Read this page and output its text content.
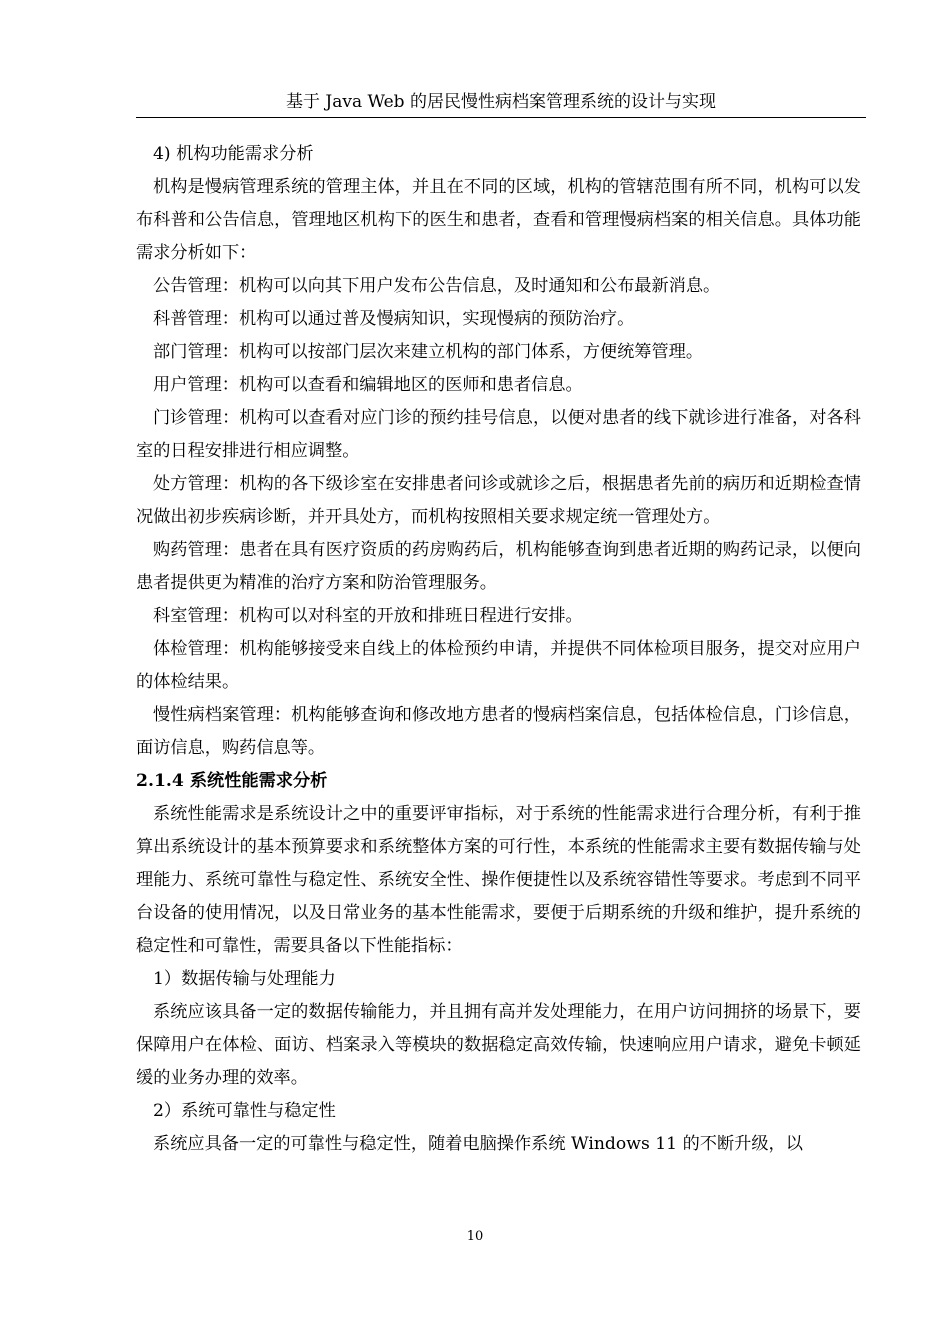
基于 Java Web 的居民慢性病档案管理系统的设计与实现

4) 机构功能需求分析

机构是慢病管理系统的管理主体，并且在不同的区域，机构的管辖范围有所不同，机构可以发布科普和公告信息，管理地区机构下的医生和患者，查看和管理慢病档案的相关信息。具体功能需求分析如下：

公告管理：机构可以向其下用户发布公告信息，及时通知和公布最新消息。

科普管理：机构可以通过普及慢病知识，实现慢病的预防治疗。

部门管理：机构可以按部门层次来建立机构的部门体系，方便统筹管理。

用户管理：机构可以查看和编辑地区的医师和患者信息。

门诊管理：机构可以查看对应门诊的预约挂号信息，以便对患者的线下就诊进行准备，对各科室的日程安排进行相应调整。

处方管理：机构的各下级诊室在安排患者问诊或就诊之后，根据患者先前的病历和近期检查情况做出初步疾病诊断，并开具处方，而机构按照相关要求规定统一管理处方。

购药管理：患者在具有医疗资质的药房购药后，机构能够查询到患者近期的购药记录，以便向患者提供更为精准的治疗方案和防治管理服务。

科室管理：机构可以对科室的开放和排班日程进行安排。

体检管理：机构能够接受来自线上的体检预约申请，并提供不同体检项目服务，提交对应用户的体检结果。

慢性病档案管理：机构能够查询和修改地方患者的慢病档案信息，包括体检信息，门诊信息，面访信息，购药信息等。

2.1.4 系统性能需求分析

系统性能需求是系统设计之中的重要评审指标，对于系统的性能需求进行合理分析，有利于推算出系统设计的基本预算要求和系统整体方案的可行性，本系统的性能需求主要有数据传输与处理能力、系统可靠性与稳定性、系统安全性、操作便捷性以及系统容错性等要求。考虑到不同平台设备的使用情况，以及日常业务的基本性能需求，要便于后期系统的升级和维护，提升系统的稳定性和可靠性，需要具备以下性能指标：

1）数据传输与处理能力

系统应该具备一定的数据传输能力，并且拥有高并发处理能力，在用户访问拥挤的场景下，要保障用户在体检、面访、档案录入等模块的数据稳定高效传输，快速响应用户请求，避免卡顿延缓的业务办理的效率。

2）系统可靠性与稳定性

系统应具备一定的可靠性与稳定性，随着电脑操作系统 Windows 11 的不断升级，以

10
